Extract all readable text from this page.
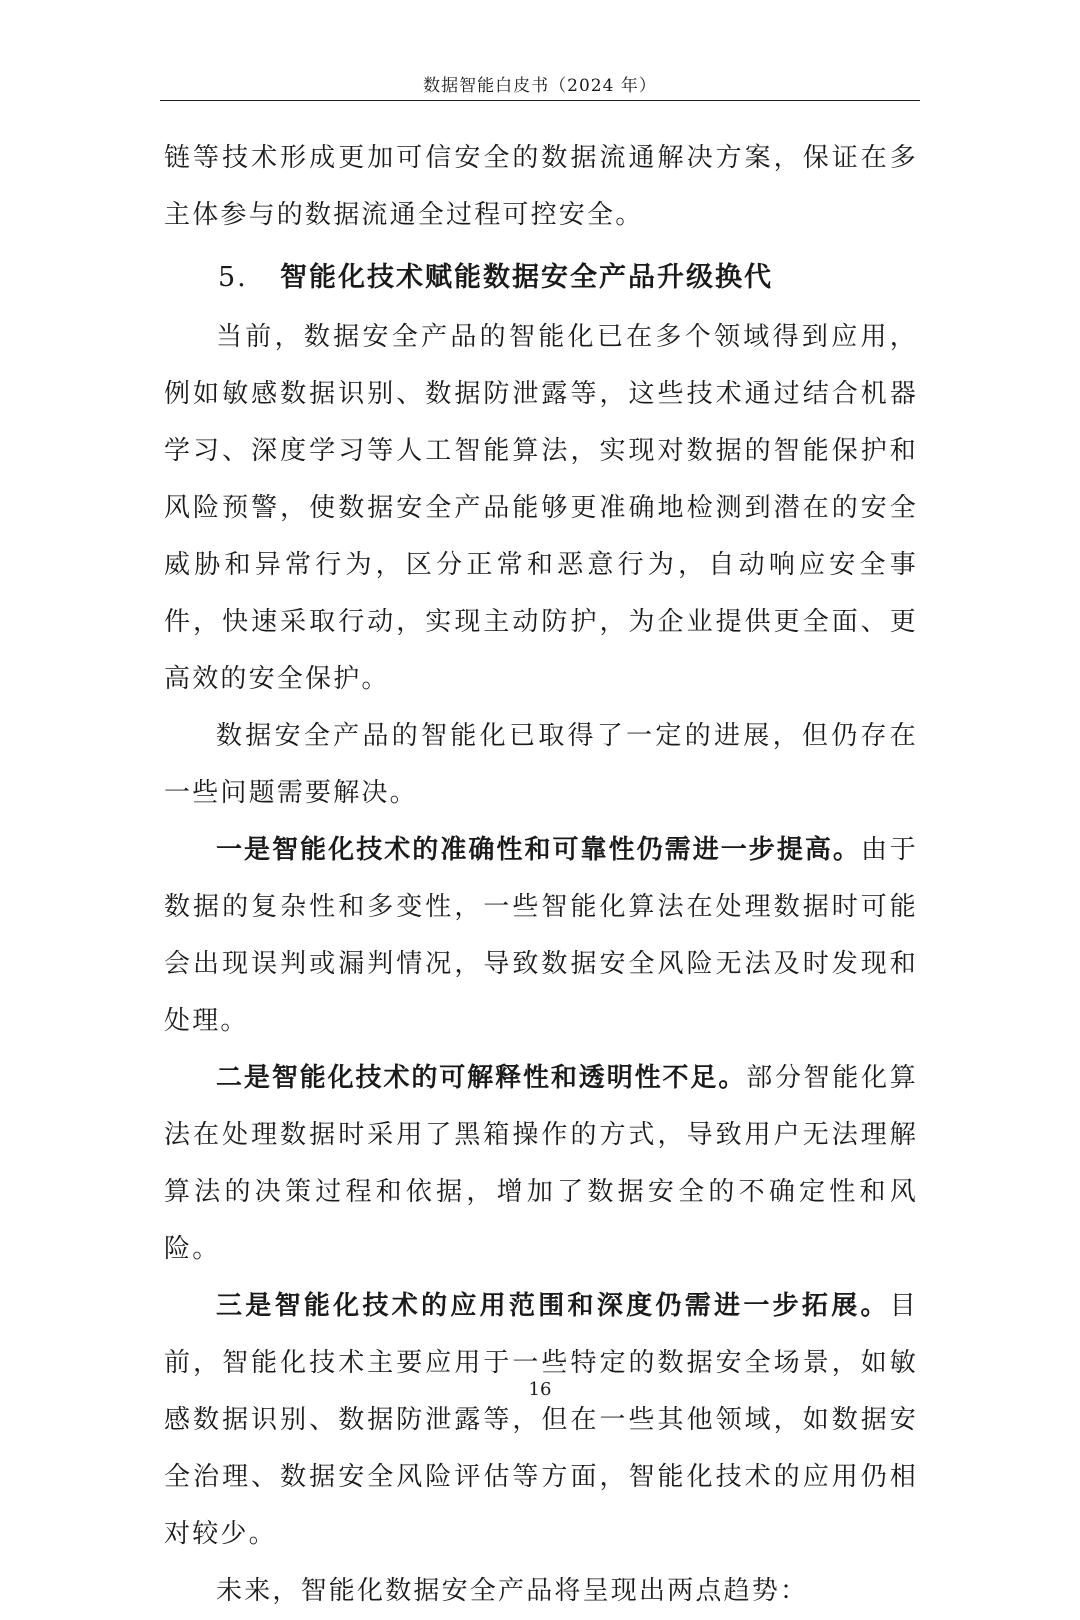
数据智能白皮书（2024 年）

链等技术形成更加可信安全的数据流通解决方案，保证在多主体参与的数据流通全过程可控安全。

5. 智能化技术赋能数据安全产品升级换代

当前，数据安全产品的智能化已在多个领域得到应用，例如敏感数据识别、数据防泄露等，这些技术通过结合机器学习、深度学习等人工智能算法，实现对数据的智能保护和风险预警，使数据安全产品能够更准确地检测到潜在的安全威胁和异常行为，区分正常和恶意行为，自动响应安全事件，快速采取行动，实现主动防护，为企业提供更全面、更高效的安全保护。

数据安全产品的智能化已取得了一定的进展，但仍存在一些问题需要解决。

一是智能化技术的准确性和可靠性仍需进一步提高。由于数据的复杂性和多变性，一些智能化算法在处理数据时可能会出现误判或漏判情况，导致数据安全风险无法及时发现和处理。

二是智能化技术的可解释性和透明性不足。部分智能化算法在处理数据时采用了黑箱操作的方式，导致用户无法理解算法的决策过程和依据，增加了数据安全的不确定性和风险。

三是智能化技术的应用范围和深度仍需进一步拓展。目前，智能化技术主要应用于一些特定的数据安全场景，如敏感数据识别、数据防泄露等，但在一些其他领域，如数据安全治理、数据安全风险评估等方面，智能化技术的应用仍相对较少。

未来，智能化数据安全产品将呈现出两点趋势：

16
